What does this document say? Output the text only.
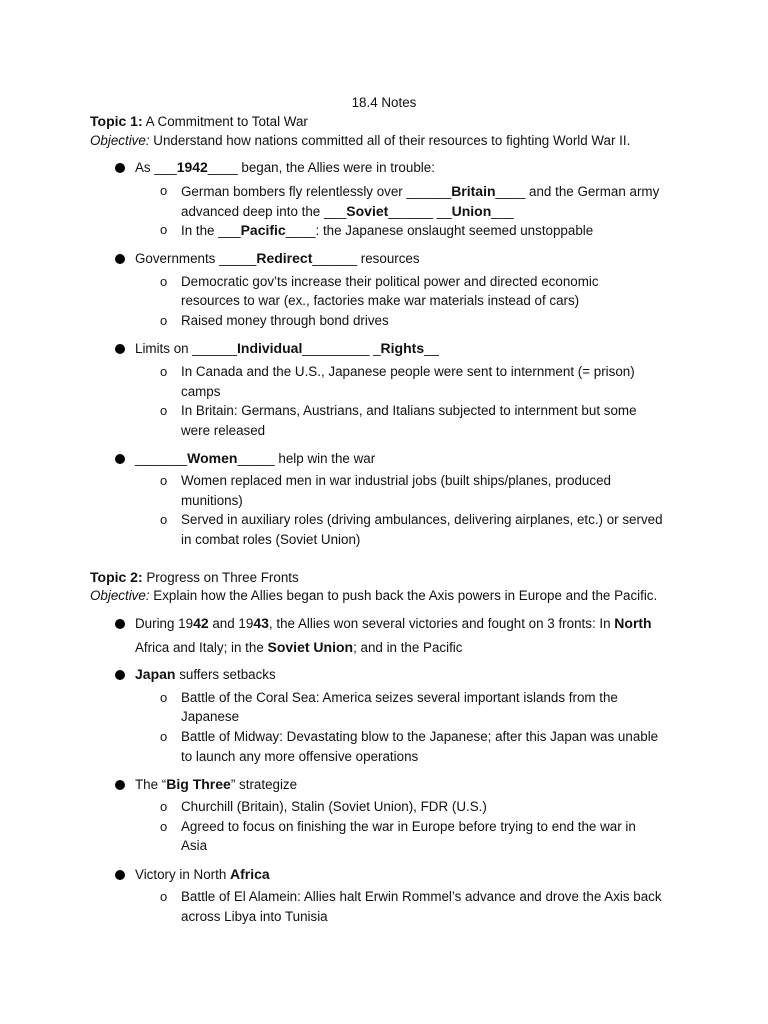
18.4 Notes
Topic 1: A Commitment to Total War
Objective: Understand how nations committed all of their resources to fighting World War II.
As ___1942____ began, the Allies were in trouble:
o German bombers fly relentlessly over ______Britain____ and the German army
advanced deep into the ___Soviet______ __Union___
o In the ___Pacific____: the Japanese onslaught seemed unstoppable
Governments _____Redirect______ resources
o Democratic gov’ts increase their political power and directed economic
resources to war (ex., factories make war materials instead of cars)
o Raised money through bond drives
Limits on ______Individual_________ _Rights__
o In Canada and the U.S., Japanese people were sent to internment (= prison)
camps
o In Britain: Germans, Austrians, and Italians subjected to internment but some
were released
_______Women_____ help win the war
o Women replaced men in war industrial jobs (built ships/planes, produced
munitions)
o Served in auxiliary roles (driving ambulances, delivering airplanes, etc.) or served
in combat roles (Soviet Union)
Topic 2: Progress on Three Fronts
Objective: Explain how the Allies began to push back the Axis powers in Europe and the Pacific.
During 1942 and 1943, the Allies won several victories and fought on 3 fronts: In North
Africa and Italy; in the Soviet Union; and in the Pacific
Japan suffers setbacks
o Battle of the Coral Sea: America seizes several important islands from the
Japanese
o Battle of Midway: Devastating blow to the Japanese; after this Japan was unable
to launch any more offensive operations
The “Big Three” strategize
o Churchill (Britain), Stalin (Soviet Union), FDR (U.S.)
o Agreed to focus on finishing the war in Europe before trying to end the war in
Asia
Victory in North Africa
o Battle of El Alamein: Allies halt Erwin Rommel’s advance and drove the Axis back
across Libya into Tunisia
